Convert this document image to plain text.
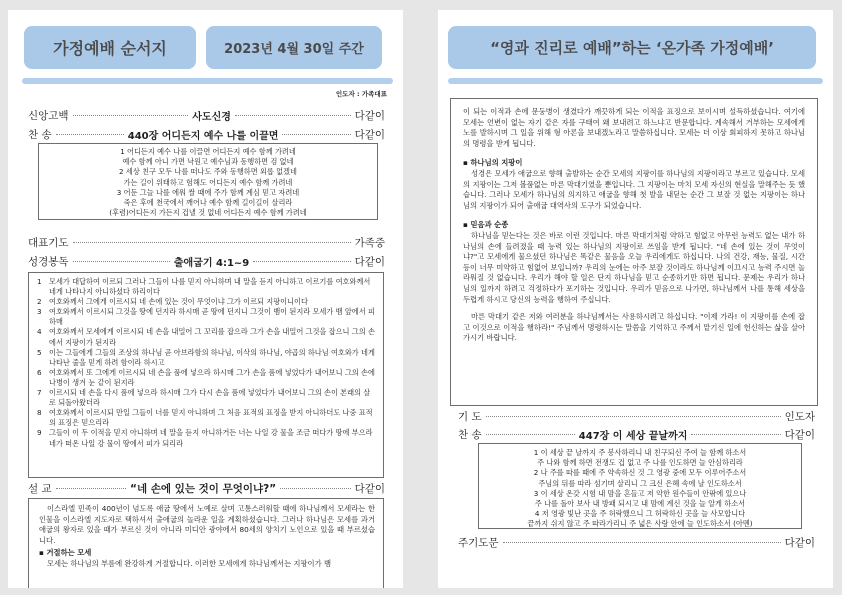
가정예배 순서지	2023년 4월 30일 주간
인도자 : 가족대표
신앙고백	사도신경	다같이
찬 송	440장 어디든지 예수 나를 이끌면	다같이
1 어디든지 예수 나를 이끌면 어디든지 예수 함께 가려네
예수 함께 아니 가면 낙원고 예수님과 동행하면 검 없네
2 세상 친구 모두 나를 떠나도 주와 동행하면 외롭 없겠네
가는 길이 위태하고 험해도 어디든지 예수 함께 가려네
3 어둔 그늘 나를 에워 쌀 때에 주가 함께 계심 믿고 자려네
죽은 후에 천국에서 깨어나 예수 함께 길이길이 살리라
(후렴)어디든지 가든지 겁낼 것 없네 어디든지 예수 함께 가려네
대표기도	가족중
성경봉독	출애굽기 4:1~9	다같이
1	모세가 대답하여 이르되 그러나 그들이 나를 믿지 아니하며 내 말을 듣지 아니하고 이르기를 여호와께서 네게 나타나지 아니하셨다 하리이다
2	여호와께서 그에게 이르시되 네 손에 있는 것이 무엇이냐 그가 이르되 지팡이니이다
3	여호와께서 이르시되 그것을 땅에 던지라 하시매 곧 땅에 던지니 그것이 뱀이 된지라 모세가 뱀 앞에서 피하매
4	여호와께서 모세에게 이르시되 네 손을 내밀어 그 꼬리를 잡으라 그가 손을 내밀어 그것을 잡으니 그의 손에서 지팡이가 된지라
5	이는 그들에게 그들의 조상의 하나님 곧 아브라함의 하나님, 이삭의 하나님, 야곱의 하나님 여호와가 네게 나타난 줄을 믿게 하려 함이라 하시고
6	여호와께서 또 그에게 이르시되 네 손을 품에 넣으라 하시매 그가 손을 품에 넣었다가 내어보니 그의 손에 나병이 생겨 눈 같이 된지라
7	이르시되 네 손을 다시 품에 넣으라 하시매 그가 다시 손을 품에 넣었다가 내어보니 그의 손이 본래의 살로 되돌아왔더라
8	여호와께서 이르시되 만일 그들이 너를 믿지 아니하며 그 처음 표적의 표징을 받지 아니하더도 나중 표적의 표징은 믿으리라
9	그들이 이 두 이적을 믿지 아니하며 네 말을 듣지 아니하거든 너는 나일 강 물을 조금 떠다가 땅에 부으라 네가 떠온 나일 강 물이 땅에서 피가 되리라
설 교	“네 손에 있는 것이 무엇이냐?”	다같이

이스라엘 민족이 400년이 넘도록 애굽 땅에서 노예로 살며 고통스러워할 때에 하나님께서 모세라는 한 인물을 이스라엘 지도자로 택하셔서 출애굽의 놀라운 일을 계획하셨습니다. 그러나 하나님은 모세를 과거 애굽의 왕자로 있을 때가 부르신 것이 아니라 미디안 광야에서 80세의 양치기 노인으로 있을 때 부르셨습니다.

▪ 거절하는 모세

모세는 하나님의 부름에 완강하게 거절합니다. 이러한 모세에게 하나님께서는 지팡이가 뱀

“영과 진리로 예배”하는 ‘온가족 가정예배’

이 되는 이적과 손에 문둥병이 생겼다가 깨끗하게 되는 이적을 표징으로 보이시며 설득하셨습니다. 여기에 모세는 언변이 없는 자기 같은 자를 구태여 왜 보내려고 하느냐고 반문합니다. 계속해서 거부하는 모세에게 노를 발하시며 그 일을 위해 형 아론을 보내겠노라고 말씀하십니다. 모세는 더 이상 회피하지 못하고 하나님의 명령을 받게 됩니다.

▪ 하나님의 지팡이

성경은 모세가 애굽으로 향해 출발하는 순간 모세의 지팡이를 하나님의 지팡이라고 부르고 있습니다. 모세의 지팡이는 그저 볼품없는 마른 막대기였을 뿐입니다. 그 지팡이는 마치 모세 자신의 현실을 말해주는 듯 했습니다. 그러나 모세가 하나님의 의지하고 애굽을 향해 첫 발을 내딛는 순간 그 보잘 것 없는 지팡이는 하나님의 지팡이가 되어 출애굽 대역사의 도구가 되었습니다.

▪ 믿음과 순종

하나님을 믿는다는 것은 바로 이런 것입니다. 마른 막대기처럼 약하고 힘없고 아무런 능력도 없는 내가 하나님의 손에 들려졌을 때 능력 있는 하나님의 지팡이로 쓰임을 받게 됩니다. "네 손에 있는 것이 무엇이냐?"고 모세에게 물으셨던 하나님은 똑같은 물음을 오늘 우리에게도 하십니다. 나의 건강, 재능, 물질, 시간 등이 너무 미약하고 힘없어 보입니까? 우리의 눈에는 아주 보잘 것이라도 하나님께 이끄시고 능력 주시면 놀라워질 것 없습니다. 우리가 해야 할 일은 단지 하나님을 믿고 순종하기만 하면 됩니다. 문제는 우리가 하나님의 일까지 하려고 걱정하다가 포기하는 것입니다. 우리가 믿음으로 나가면, 하나님께서 나를 통해 세상을 두렵게 하시고 당신의 능력을 행하여 주십니다.

마른 막대기 같은 저와 여러분을 하나님께서는 사용하시려고 하십니다. "이제 가라! 이 지팡이를 손에 잡고 이것으로 이적을 행하라!" 주님께서 명령하시는 말씀을 기억하고 주께서 맡기신 일에 헌신하는 삶을 살아가시기 바랍니다.

기 도	인도자
찬 송	447장 이 세상 끝날까지	다같이
1 이 세상 끝 날까지 주 봉사하리니 내 친구되신 주여 늘 함께 하소서
주 나와 함께 하면 전쟁도 겁 없고 주 나를 인도하면 늘 안심하리라
2 나 주를 따를 때에 주 약속하신 것 그 영광 중에 모두 이루어주소서
주님의 뒤를 따라 섬기며 살리니 그 크신 은혜 속에 날 인도하소서
3 이 세상 온갖 시험 내 맘을 흔들고 저 악한 원수들이 안팎에 있으나
주 나를 돌아 보사 내 방패 되시고 내 맘에 계신 것을 늘 알게 하소서
4 저 영광 빛난 곳을 주 허락했으니 그 허락하신 곳을 늘 사모합니다
끝까지 쉬지 않고 주 따라가리니 주 넓은 사랑 안에 늘 인도하소서 (아멘)
주기도문	다같이
